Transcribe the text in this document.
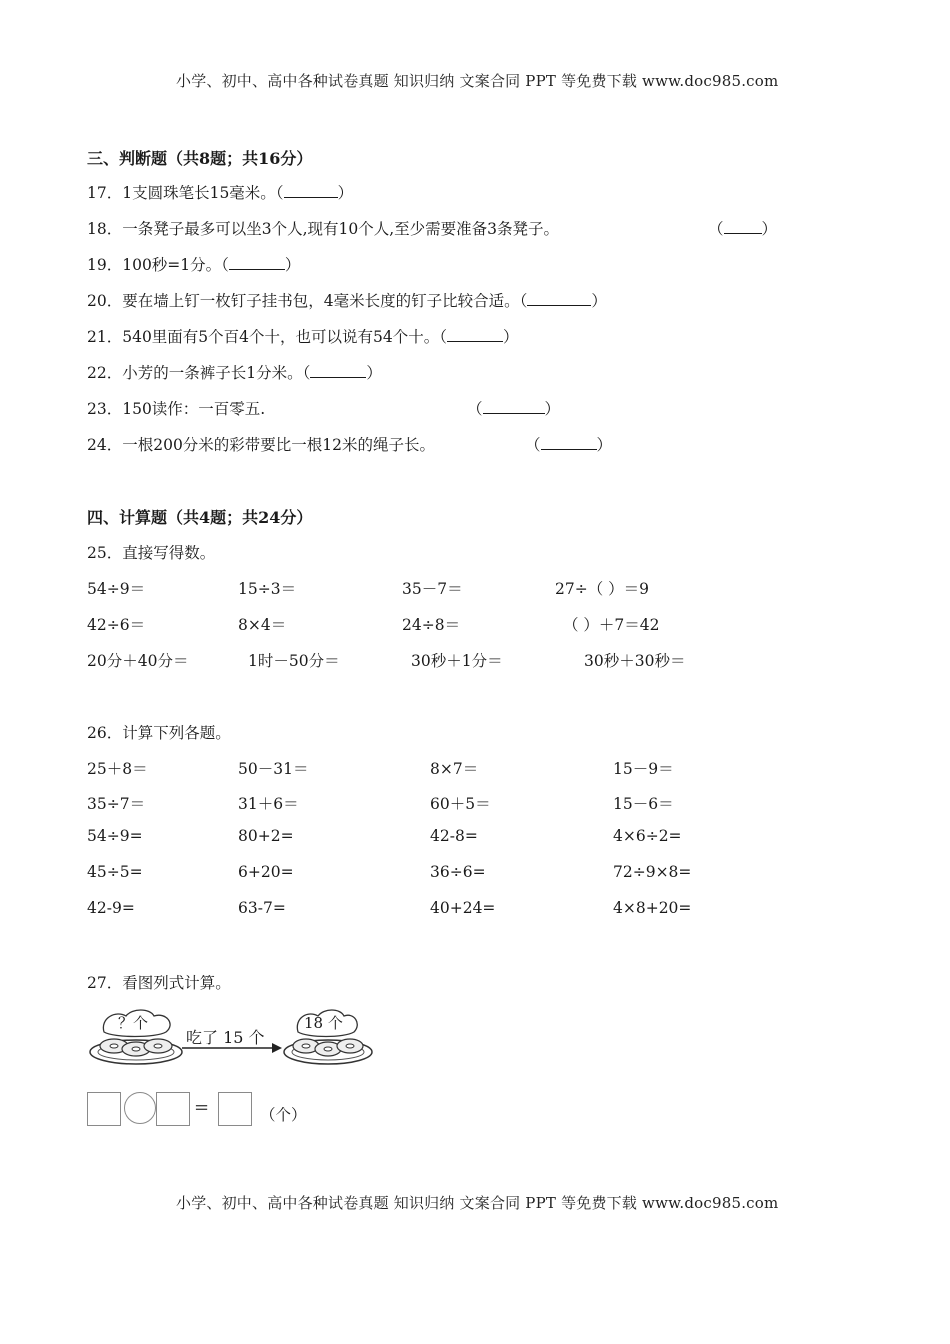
小学、初中、高中各种试卷真题 知识归纳 文案合同 PPT 等免费下载 www.doc985.com
三、判断题（共8题；共16分）
17．1支圆珠笔长15毫米。（	）
18．一条凳子最多可以坐3个人,现有10个人,至少需要准备3条凳子。	（ ）
19．100秒=1分。（	）
20．要在墙上钉一枚钉子挂书包，4毫米长度的钉子比较合适。（	）
21．540里面有5个百4个十，也可以说有54个十。（	）
22．小芳的一条裤子长1分米。（	）
23．150读作：一百零五.	（	）
24．一根200分米的彩带要比一根12米的绳子长。	（	）
四、计算题（共4题；共24分）
25．直接写得数。
54÷9＝	15÷3＝	35－7＝	27÷（ ）＝9
42÷6＝	8×4＝	24÷8＝	（ ）＋7＝42
20分＋40分＝	1时－50分＝	30秒＋1分＝	30秒＋30秒＝
26．计算下列各题。
25＋8＝	50－31＝	8×7＝	15－9＝
35÷7＝	31＋6＝	60＋5＝	15－6＝
54÷9=	80+2=	42-8=	4×6÷2=
45÷5=	6+20=	36÷6=	72÷9×8=
42-9=	63-7=	40+24=	4×8+20=
27．看图列式计算。
？个
吃了 15 个
18 个
=	（个）
小学、初中、高中各种试卷真题 知识归纳 文案合同 PPT 等免费下载 www.doc985.com
